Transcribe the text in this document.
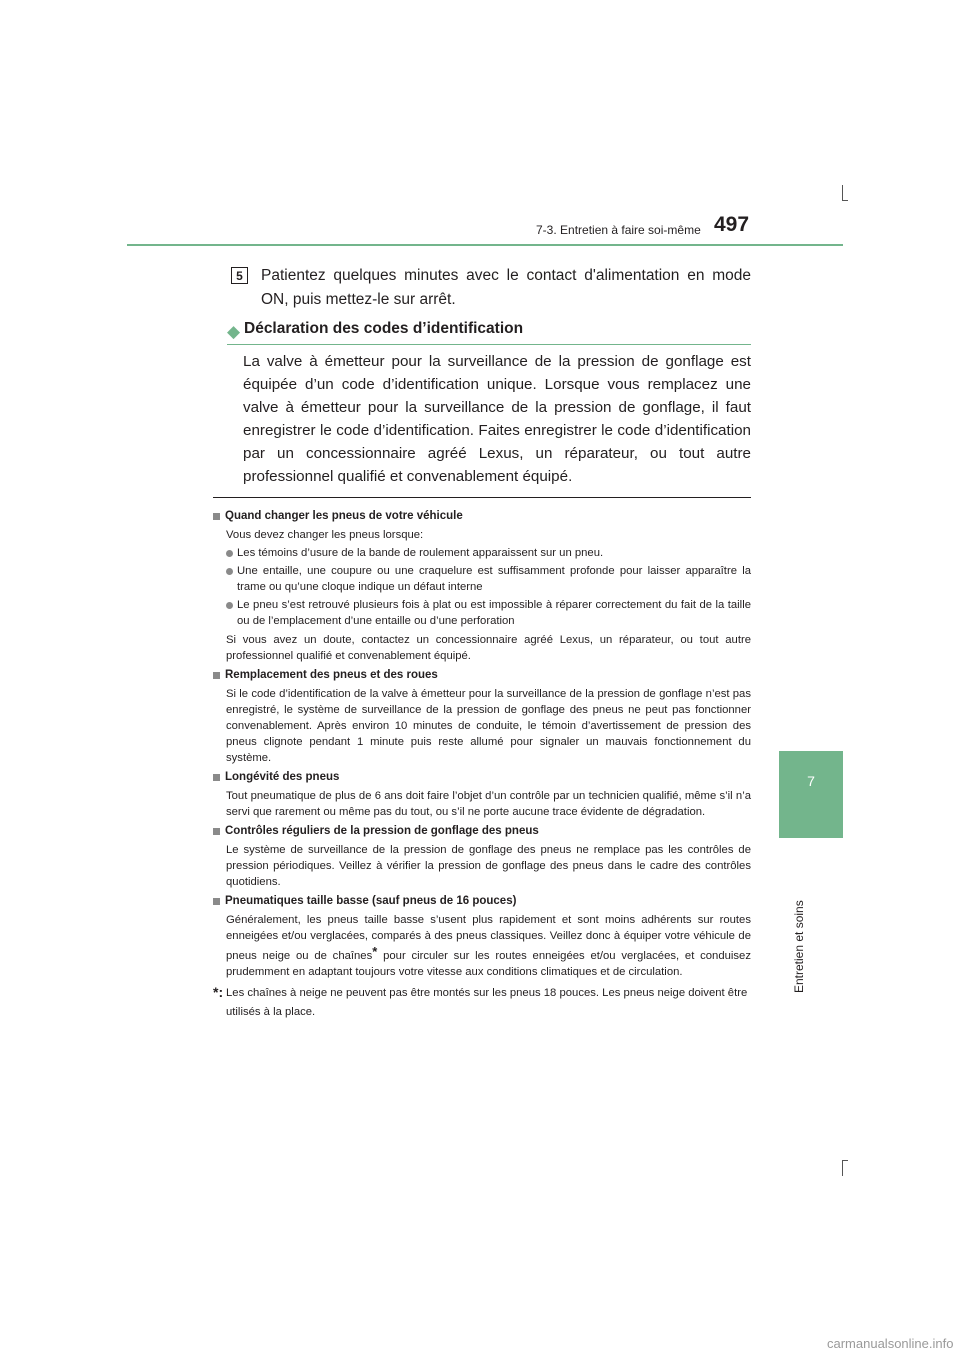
7-3. Entretien à faire soi-même 497
7
Entretien et soins
5	Patientez quelques minutes avec le contact d'alimentation en mode ON, puis mettez-le sur arrêt.
◆ Déclaration des codes d’identification
La valve à émetteur pour la surveillance de la pression de gonflage est équipée d’un code d’identification unique. Lorsque vous remplacez une valve à émetteur pour la surveillance de la pression de gonflage, il faut enregistrer le code d’identification. Faites enregistrer le code d’identification par un concessionnaire agréé Lexus, un réparateur, ou tout autre professionnel qualifié et convenablement équipé.
Quand changer les pneus de votre véhicule
Vous devez changer les pneus lorsque:
Les témoins d’usure de la bande de roulement apparaissent sur un pneu.
Une entaille, une coupure ou une craquelure est suffisamment profonde pour laisser apparaître la trame ou qu’une cloque indique un défaut interne
Le pneu s’est retrouvé plusieurs fois à plat ou est impossible à réparer correctement du fait de la taille ou de l’emplacement d’une entaille ou d’une perforation
Si vous avez un doute, contactez un concessionnaire agréé Lexus, un réparateur, ou tout autre professionnel qualifié et convenablement équipé.
Remplacement des pneus et des roues
Si le code d’identification de la valve à émetteur pour la surveillance de la pression de gonflage n’est pas enregistré, le système de surveillance de la pression de gonflage des pneus ne peut pas fonctionner convenablement. Après environ 10 minutes de conduite, le témoin d’avertissement de pression des pneus clignote pendant 1 minute puis reste allumé pour signaler un mauvais fonctionnement du système.
Longévité des pneus
Tout pneumatique de plus de 6 ans doit faire l’objet d’un contrôle par un technicien qualifié, même s’il n’a servi que rarement ou même pas du tout, ou s’il ne porte aucune trace évidente de dégradation.
Contrôles réguliers de la pression de gonflage des pneus
Le système de surveillance de la pression de gonflage des pneus ne remplace pas les contrôles de pression périodiques. Veillez à vérifier la pression de gonflage des pneus dans le cadre des contrôles quotidiens.
Pneumatiques taille basse (sauf pneus de 16 pouces)
Généralement, les pneus taille basse s’usent plus rapidement et sont moins adhérents sur routes enneigées et/ou verglacées, comparés à des pneus classiques. Veillez donc à équiper votre véhicule de pneus neige ou de chaînes* pour circuler sur les routes enneigées et/ou verglacées, et conduisez prudemment en adaptant toujours votre vitesse aux conditions climatiques et de circulation.
*: Les chaînes à neige ne peuvent pas être montés sur les pneus 18 pouces. Les pneus neige doivent être utilisés à la place.
carmanualsonline.info
